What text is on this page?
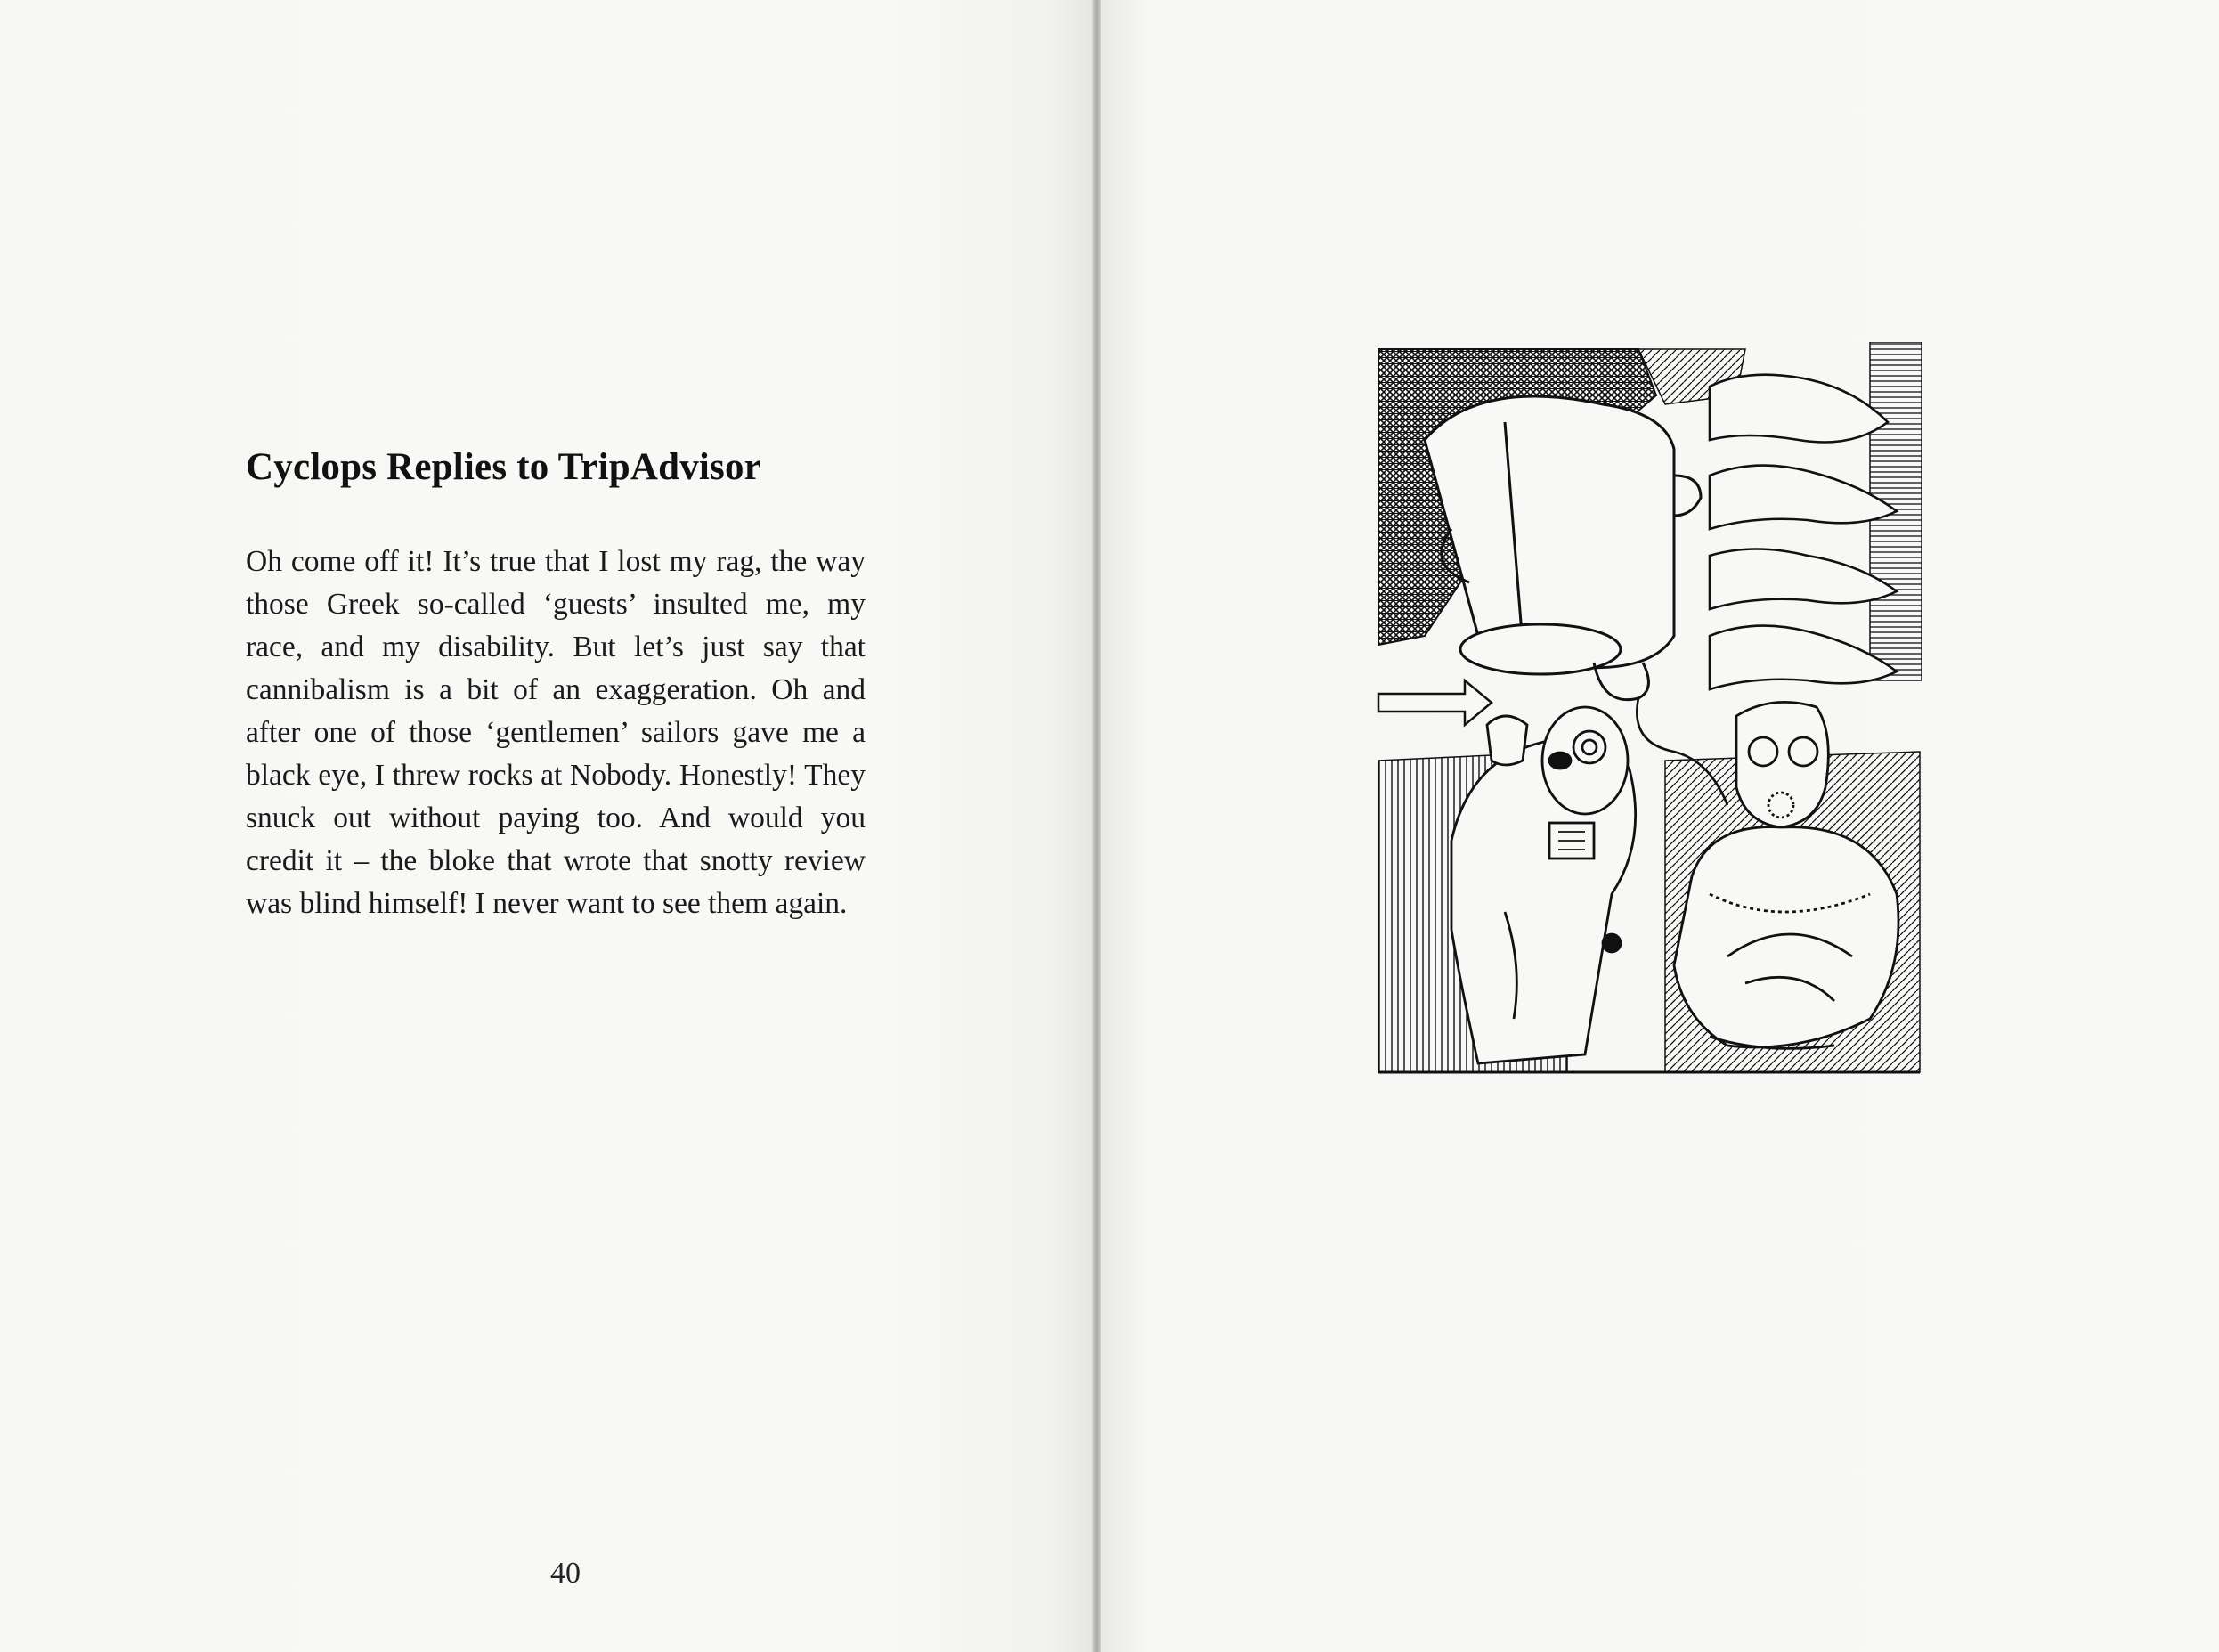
Cyclops Replies to TripAdvisor

Oh come off it! It’s true that I lost my rag, the way those Greek so-called ‘guests’ insulted me, my race, and my disability. But let’s just say that cannibalism is a bit of an exaggeration. Oh and after one of those ‘gentlemen’ sailors gave me a black eye, I threw rocks at Nobody. Honestly! They snuck out without paying too. And would you credit it – the bloke that wrote that snotty review was blind himself! I never want to see them again.

40
